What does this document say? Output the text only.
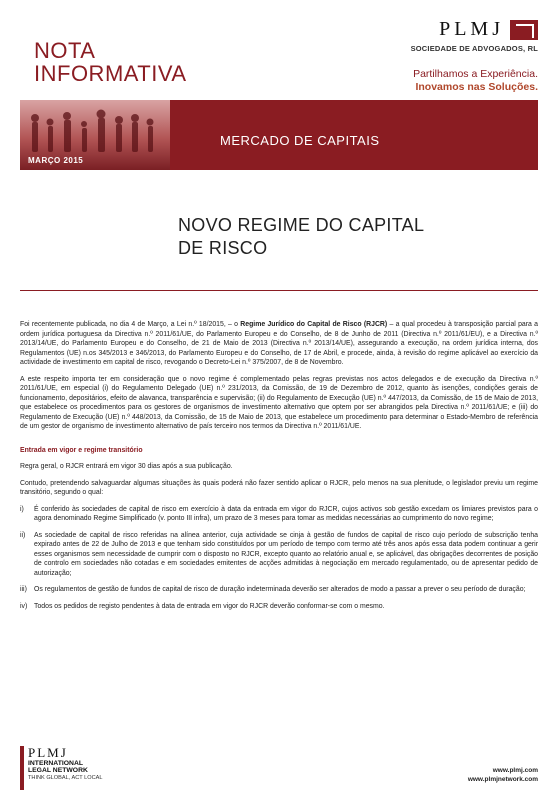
NOTA
INFORMATIVA
PLMJ
SOCIEDADE DE ADVOGADOS, RL
Partilhamos a Experiência.
Inovamos nas Soluções.
MARÇO 2015
MERCADO DE CAPITAIS
NOVO REGIME DO CAPITAL
DE RISCO

Foi recentemente publicada, no dia 4 de Março, a Lei n.º 18/2015, – o Regime Jurídico do Capital de Risco (RJCR) – a qual procedeu à transposição parcial para a ordem jurídica portuguesa da Directiva n.º 2011/61/UE, do Parlamento Europeu e do Conselho, de 8 de Junho de 2011 (Directiva n.º 2011/61/EU), e a Directiva n.º 2013/14/UE, do Parlamento Europeu e do Conselho, de 21 de Maio de 2013 (Directiva n.º 2013/14/UE), assegurando a execução, na ordem jurídica interna, dos Regulamentos (UE) n.os 345/2013 e 346/2013, do Parlamento Europeu e do Conselho, de 17 de Abril, e procede, ainda, à revisão do regime aplicável ao exercício da actividade de investimento em capital de risco, revogando o Decreto-Lei n.º 375/2007, de 8 de Novembro.

A este respeito importa ter em consideração que o novo regime é complementado pelas regras previstas nos actos delegados e de execução da Directiva n.º 2011/61/UE, em especial (i) do Regulamento Delegado (UE) n.º 231/2013, da Comissão, de 19 de Dezembro de 2012, quanto às isenções, condições gerais de funcionamento, depositários, efeito de alavanca, transparência e supervisão; (ii) do Regulamento de Execução (UE) n.º 447/2013, da Comissão, de 15 de Maio de 2013, que estabelece os procedimentos para os gestores de organismos de investimento alternativo que optem por ser abrangidos pela Directiva n.º 2011/61/UE; e (iii) do Regulamento de Execução (UE) n.º 448/2013, da Comissão, de 15 de Maio de 2013, que estabelece um procedimento para determinar o Estado-Membro de referência de um gestor de organismo de investimento alternativo de país terceiro nos termos da Directiva n.º 2011/61/UE.

Entrada em vigor e regime transitório

Regra geral, o RJCR entrará em vigor 30 dias após a sua publicação.

Contudo, pretendendo salvaguardar algumas situações às quais poderá não fazer sentido aplicar o RJCR, pelo menos na sua plenitude, o legislador previu um regime transitório, segundo o qual:

i)	É conferido às sociedades de capital de risco em exercício à data da entrada em vigor do RJCR, cujos activos sob gestão excedam os limiares previstos para o agora denominado Regime Simplificado (v. ponto III infra), um prazo de 3 meses para tomar as medidas necessárias ao cumprimento do novo regime;
ii)	As sociedade de capital de risco referidas na alínea anterior, cuja actividade se cinja à gestão de fundos de capital de risco cujo período de subscrição tenha expirado antes de 22 de Julho de 2013 e que tenham sido constituídos por um período de tempo com termo até três anos após essa data podem continuar a gerir esses organismos sem necessidade de cumprir com o disposto no RJCR, excepto quanto ao relatório anual e, se aplicável, das obrigações decorrentes de posição de controlo em sociedades não cotadas e em sociedades emitentes de acções admitidas à negociação em mercado regulamentado, ou de apresentar pedido de autorização;
iii)	Os regulamentos de gestão de fundos de capital de risco de duração indeterminada deverão ser alterados de modo a passar a prever o seu período de duração;
iv) Todos os pedidos de registo pendentes à data de entrada em vigor do RJCR deverão conformar-se com o mesmo.
PLMJ
INTERNATIONAL
LEGAL NETWORK
THINK GLOBAL, ACT LOCAL
www.plmj.com
www.plmjnetwork.com
